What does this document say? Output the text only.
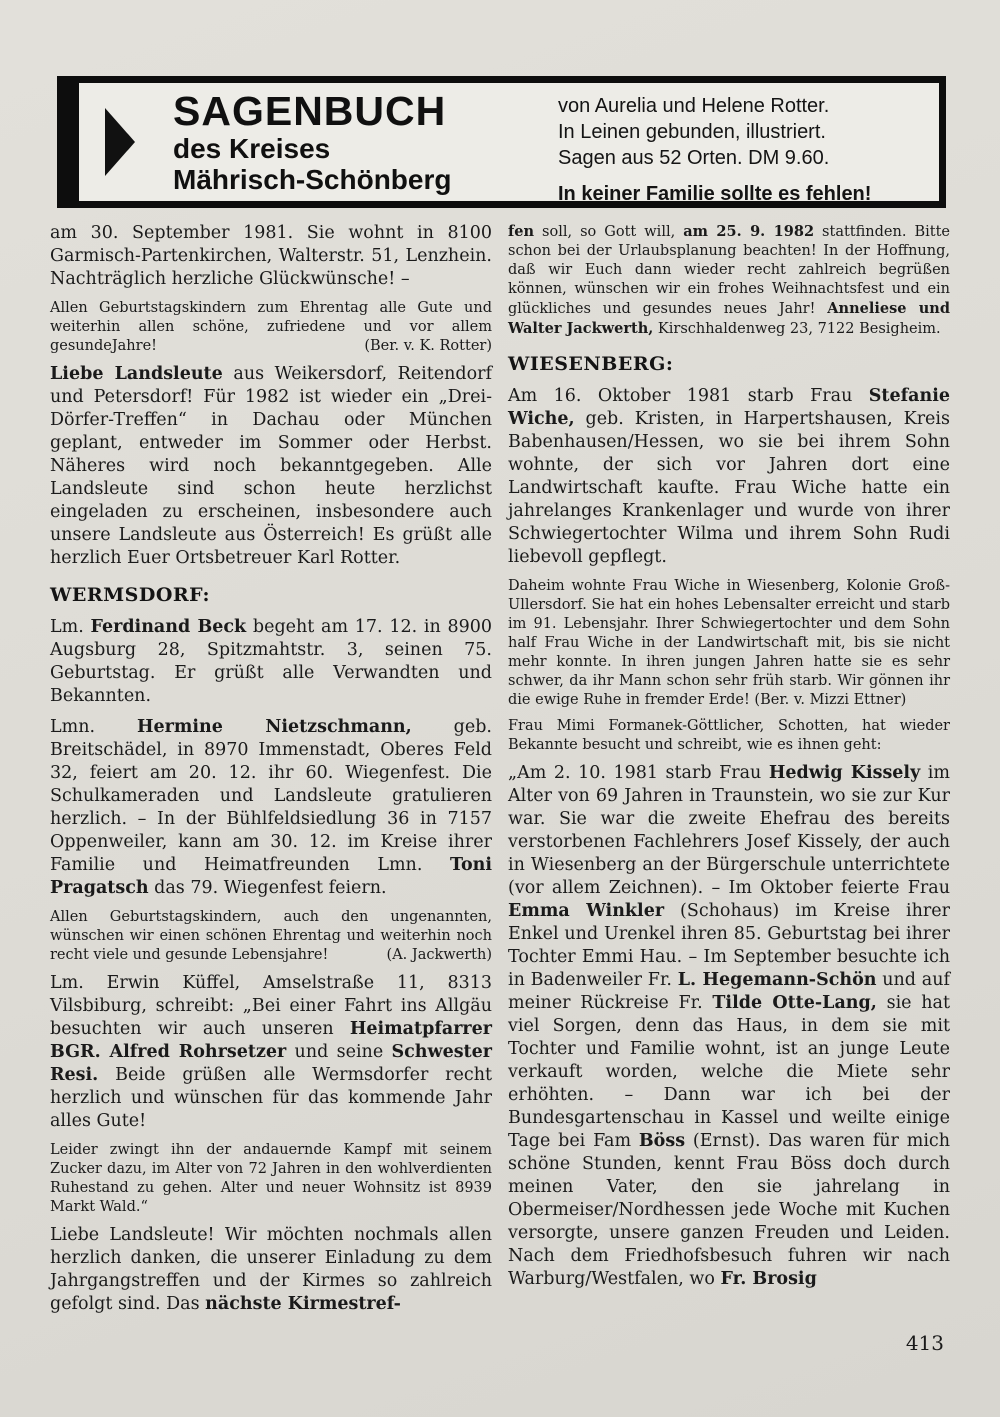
SAGENBUCH
des Kreises
Mährisch-Schönberg
von Aurelia und Helene Rotter.
In Leinen gebunden, illustriert.
Sagen aus 52 Orten. DM 9.60.
In keiner Familie sollte es fehlen!

am 30. September 1981. Sie wohnt in 8100 Garmisch-Partenkirchen, Walterstr. 51, Lenzhein. Nachträglich herzliche Glückwünsche! –

Allen Geburtstagskindern zum Ehrentag alle Gute und weiterhin allen schöne, zufriedene und vor allem gesundeJahre!	(Ber. v. K. Rotter)

Liebe Landsleute aus Weikersdorf, Reitendorf und Petersdorf! Für 1982 ist wieder ein „Drei-Dörfer-Treffen“ in Dachau oder München geplant, entweder im Sommer oder Herbst. Näheres wird noch bekanntgegeben. Alle Landsleute sind schon heute herzlichst eingeladen zu erscheinen, insbesondere auch unsere Landsleute aus Österreich! Es grüßt alle herzlich Euer Ortsbetreuer Karl Rotter.

WERMSDORF:

Lm. Ferdinand Beck begeht am 17. 12. in 8900 Augsburg 28, Spitzmahtstr. 3, seinen 75. Geburtstag. Er grüßt alle Verwandten und Bekannten.

Lmn. Hermine Nietzschmann, geb. Breitschädel, in 8970 Immenstadt, Oberes Feld 32, feiert am 20. 12. ihr 60. Wiegenfest. Die Schulkameraden und Landsleute gratulieren herzlich. – In der Bühlfeldsiedlung 36 in 7157 Oppenweiler, kann am 30. 12. im Kreise ihrer Familie und Heimatfreunden Lmn. Toni Pragatsch das 79. Wiegenfest feiern.

Allen Geburtstagskindern, auch den ungenannten, wünschen wir einen schönen Ehrentag und weiterhin noch recht viele und gesunde Lebensjahre!	(A. Jackwerth)

Lm. Erwin Küffel, Amselstraße 11, 8313 Vilsbiburg, schreibt: „Bei einer Fahrt ins Allgäu besuchten wir auch unseren Heimatpfarrer BGR. Alfred Rohrsetzer und seine Schwester Resi. Beide grüßen alle Wermsdorfer recht herzlich und wünschen für das kommende Jahr alles Gute!

Leider zwingt ihn der andauernde Kampf mit seinem Zucker dazu, im Alter von 72 Jahren in den wohlverdienten Ruhestand zu gehen. Alter und neuer Wohnsitz ist 8939 Markt Wald.“

Liebe Landsleute! Wir möchten nochmals allen herzlich danken, die unserer Einladung zu dem Jahrgangstreffen und der Kirmes so zahlreich gefolgt sind. Das nächste Kirmestref-

fen soll, so Gott will, am 25. 9. 1982 stattfinden. Bitte schon bei der Urlaubsplanung beachten! In der Hoffnung, daß wir Euch dann wieder recht zahlreich begrüßen können, wünschen wir ein frohes Weihnachtsfest und ein glückliches und gesundes neues Jahr! Anneliese und Walter Jackwerth, Kirschhaldenweg 23, 7122 Besigheim.

WIESENBERG:

Am 16. Oktober 1981 starb Frau Stefanie Wiche, geb. Kristen, in Harpertshausen, Kreis Babenhausen/Hessen, wo sie bei ihrem Sohn wohnte, der sich vor Jahren dort eine Landwirtschaft kaufte. Frau Wiche hatte ein jahrelanges Krankenlager und wurde von ihrer Schwiegertochter Wilma und ihrem Sohn Rudi liebevoll gepflegt.

Daheim wohnte Frau Wiche in Wiesenberg, Kolonie Groß-Ullersdorf. Sie hat ein hohes Lebensalter erreicht und starb im 91. Lebensjahr. Ihrer Schwiegertochter und dem Sohn half Frau Wiche in der Landwirtschaft mit, bis sie nicht mehr konnte. In ihren jungen Jahren hatte sie es sehr schwer, da ihr Mann schon sehr früh starb. Wir gönnen ihr die ewige Ruhe in fremder Erde! (Ber. v. Mizzi Ettner)

Frau Mimi Formanek-Göttlicher, Schotten, hat wieder Bekannte besucht und schreibt, wie es ihnen geht:

„Am 2. 10. 1981 starb Frau Hedwig Kissely im Alter von 69 Jahren in Traunstein, wo sie zur Kur war. Sie war die zweite Ehefrau des bereits verstorbenen Fachlehrers Josef Kissely, der auch in Wiesenberg an der Bürgerschule unterrichtete (vor allem Zeichnen). – Im Oktober feierte Frau Emma Winkler (Schohaus) im Kreise ihrer Enkel und Urenkel ihren 85. Geburtstag bei ihrer Tochter Emmi Hau. – Im September besuchte ich in Badenweiler Fr. L. Hegemann-Schön und auf meiner Rückreise Fr. Tilde Otte-Lang, sie hat viel Sorgen, denn das Haus, in dem sie mit Tochter und Familie wohnt, ist an junge Leute verkauft worden, welche die Miete sehr erhöhten. – Dann war ich bei der Bundesgartenschau in Kassel und weilte einige Tage bei Fam Böss (Ernst). Das waren für mich schöne Stunden, kennt Frau Böss doch durch meinen Vater, den sie jahrelang in Obermeiser/Nordhessen jede Woche mit Kuchen versorgte, unsere ganzen Freuden und Leiden. Nach dem Friedhofsbesuch fuhren wir nach Warburg/Westfalen, wo Fr. Brosig

413
